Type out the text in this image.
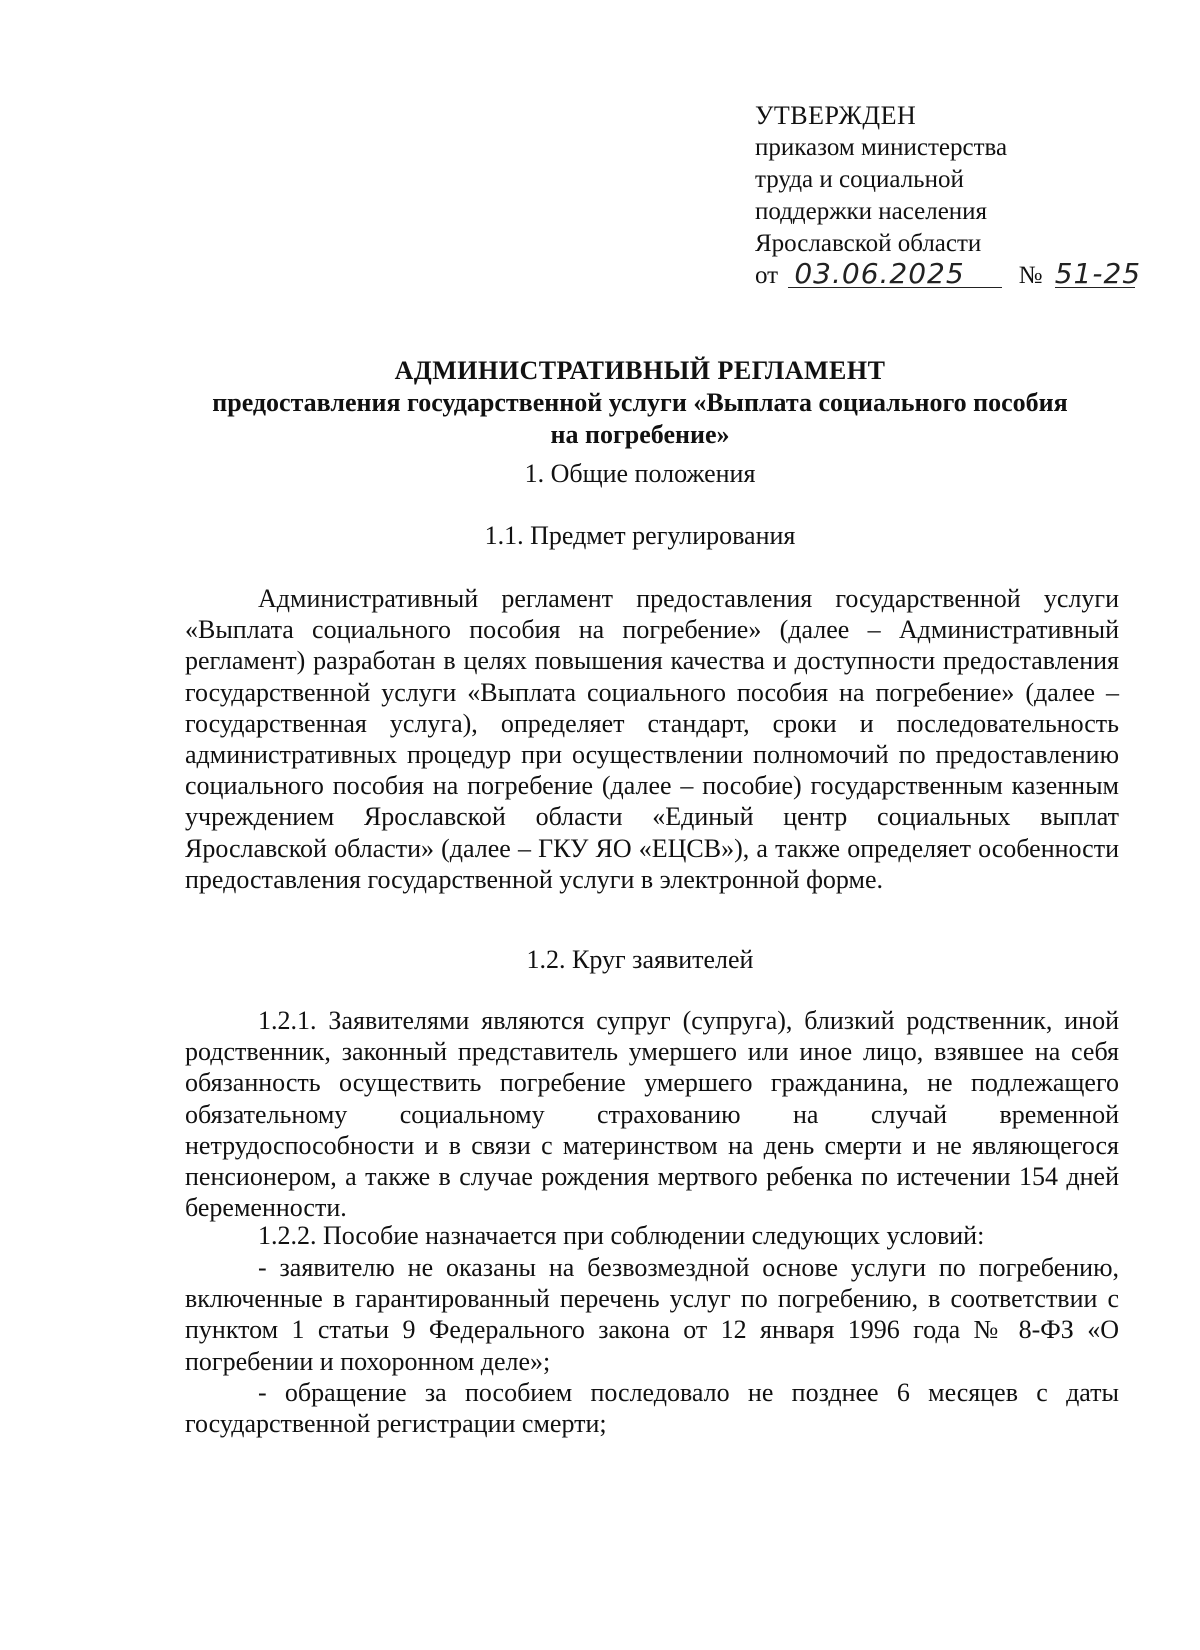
УТВЕРЖДЕН
приказом министерства
труда и социальной
поддержки населения
Ярославской области
от 03.06.2025 № 51-25
АДМИНИСТРАТИВНЫЙ РЕГЛАМЕНТ
предоставления государственной услуги «Выплата социального пособия
на погребение»
1. Общие положения
1.1. Предмет регулирования

Административный регламент предоставления государственной услуги «Выплата социального пособия на погребение» (далее – Административный регламент) разработан в целях повышения качества и доступности предоставления государственной услуги «Выплата социального пособия на погребение» (далее – государственная услуга), определяет стандарт, сроки и последовательность административных процедур при осуществлении полномочий по предоставлению социального пособия на погребение (далее – пособие) государственным казенным учреждением Ярославской области «Единый центр социальных выплат Ярославской области» (далее – ГКУ ЯО «ЕЦСВ»), а также определяет особенности предоставления государственной услуги в электронной форме.

1.2. Круг заявителей

1.2.1. Заявителями являются супруг (супруга), близкий родственник, иной родственник, законный представитель умершего или иное лицо, взявшее на себя обязанность осуществить погребение умершего гражданина, не подлежащего обязательному социальному страхованию на случай временной нетрудоспособности и в связи с материнством на день смерти и не являющегося пенсионером, а также в случае рождения мертвого ребенка по истечении 154 дней беременности.

1.2.2. Пособие назначается при соблюдении следующих условий:

- заявителю не оказаны на безвозмездной основе услуги по погребению, включенные в гарантированный перечень услуг по погребению, в соответствии с пунктом 1 статьи 9 Федерального закона от 12 января 1996 года № 8-ФЗ «О погребении и похоронном деле»;

- обращение за пособием последовало не позднее 6 месяцев с даты государственной регистрации смерти;
